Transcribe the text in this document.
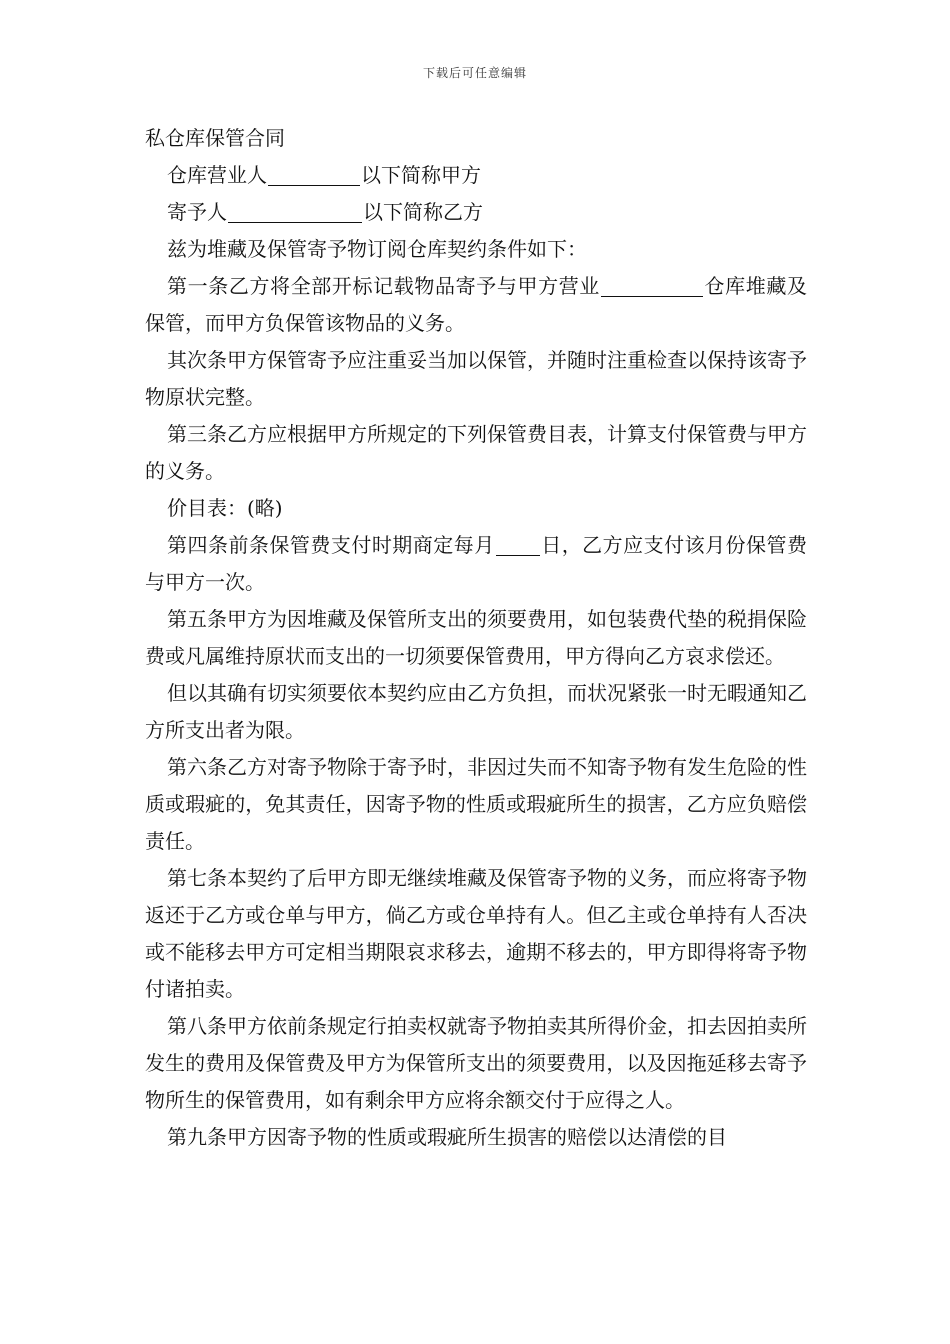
下载后可任意编辑

私仓库保管合同

仓库营业人	以下简称甲方

寄予人	以下简称乙方

兹为堆藏及保管寄予物订阅仓库契约条件如下：

第一条乙方将全部开标记载物品寄予与甲方营业	仓库堆藏及保管，而甲方负保管该物品的义务。

其次条甲方保管寄予应注重妥当加以保管，并随时注重检查以保持该寄予物原状完整。

第三条乙方应根据甲方所规定的下列保管费目表，计算支付保管费与甲方的义务。

价目表：(略)

第四条前条保管费支付时期商定每月 日，乙方应支付该月份保管费与甲方一次。

第五条甲方为因堆藏及保管所支出的须要费用，如包装费代垫的税捐保险费或凡属维持原状而支出的一切须要保管费用，甲方得向乙方哀求偿还。

但以其确有切实须要依本契约应由乙方负担，而状况紧张一时无暇通知乙方所支出者为限。

第六条乙方对寄予物除于寄予时，非因过失而不知寄予物有发生危险的性质或瑕疵的，免其责任，因寄予物的性质或瑕疵所生的损害，乙方应负赔偿责任。

第七条本契约了后甲方即无继续堆藏及保管寄予物的义务，而应将寄予物返还于乙方或仓单与甲方，倘乙方或仓单持有人。但乙主或仓单持有人否决或不能移去甲方可定相当期限哀求移去，逾期不移去的，甲方即得将寄予物付诸拍卖。

第八条甲方依前条规定行拍卖权就寄予物拍卖其所得价金，扣去因拍卖所发生的费用及保管费及甲方为保管所支出的须要费用，以及因拖延移去寄予物所生的保管费用，如有剩余甲方应将余额交付于应得之人。

第九条甲方因寄予物的性质或瑕疵所生损害的赔偿以达清偿的目
